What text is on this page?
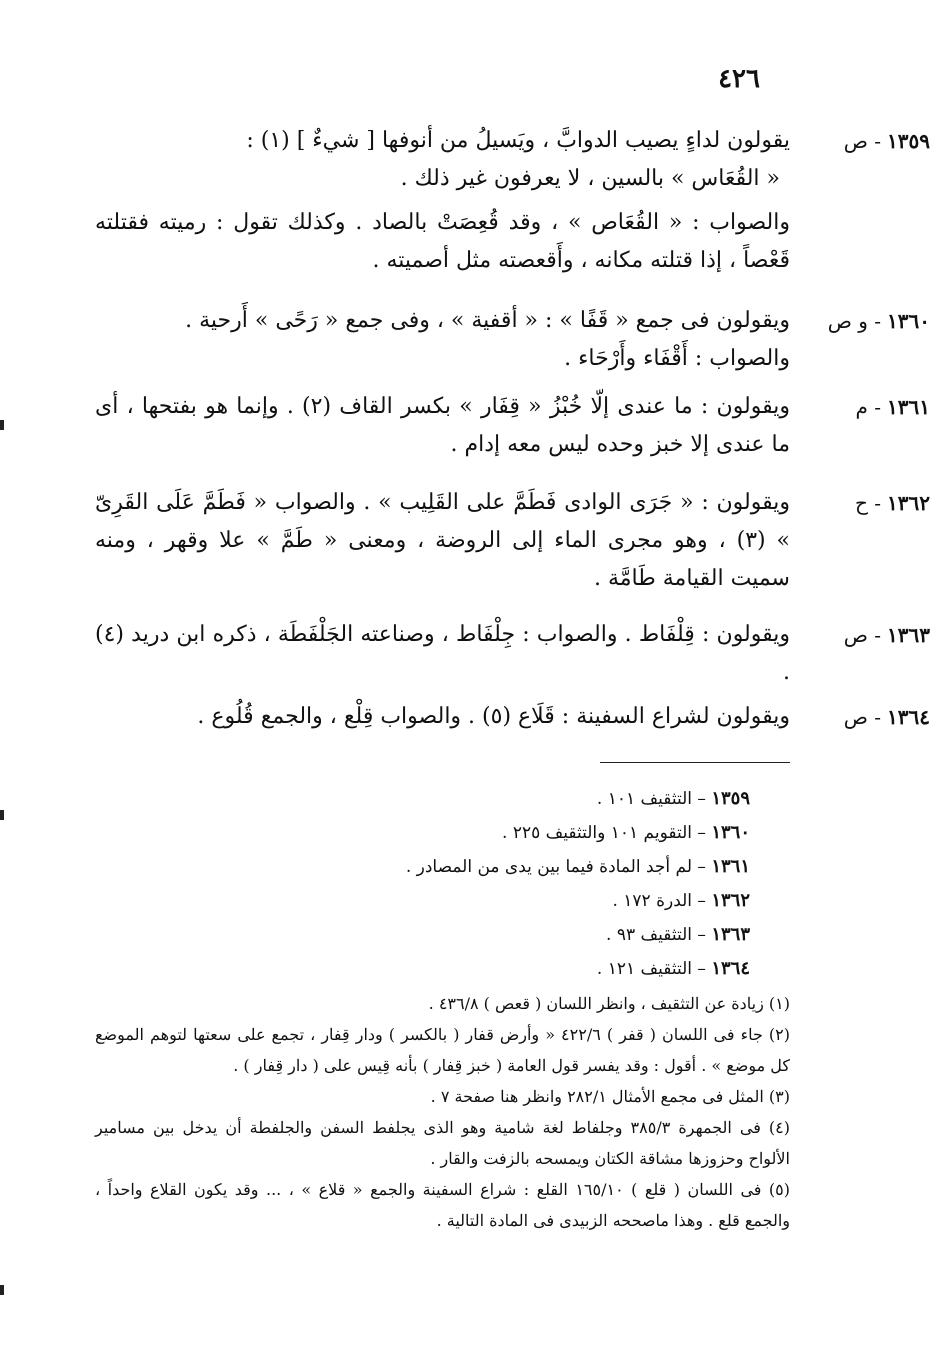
٤٢٦
١٣٥٩- ص

يقولون لداءٍ يصيب الدوابَّ ، ويَسيلُ من أنوفها [ شيءٌ ] (١) :

« القُعَاس » بالسين ، لا يعرفون غير ذلك .

والصواب : « القُعَاص » ، وقد قُعِصَتْ بالصاد . وكذلك تقول : رميته فقتلته قَعْصاً ، إذا قتلته مكانه ، وأَقعصته مثل أصميته .

١٣٦٠- و ص

ويقولون فى جمع « قَفًا » : « أقفية » ، وفى جمع « رَحًى » أَرحية .

والصواب : أَقْفَاء وأَرْحَاء .

١٣٦١- م

ويقولون : ما عندى إلّا خُبْزُ « قِفَار » بكسر القاف (٢) . وإنما هو بفتحها ، أى ما عندى إلا خبز وحده ليس معه إدام .

١٣٦٢- ح

ويقولون : « جَرَى الوادى فَطَمَّ على القَلِيب » . والصواب « فَطَمَّ عَلَى القَرِىّ » (٣) ، وهو مجرى الماء إلى الروضة ، ومعنى « طَمَّ » علا وقهر ، ومنه سميت القيامة طَامَّة .

١٣٦٣- ص

ويقولون : قِلْفَاط . والصواب : جِلْفَاط ، وصناعته الجَلْفَطَة ، ذكره ابن دريد (٤) .

١٣٦٤- ص

ويقولون لشراع السفينة : قَلَاع (٥) . والصواب قِلْع ، والجمع قُلُوع .

١٣٥٩ – التثقيف ١٠١ .
١٣٦٠ – التقويم ١٠١ والتثقيف ٢٢٥ .
١٣٦١ – لم أجد المادة فيما بين يدى من المصادر .
١٣٦٢ – الدرة ١٧٢ .
١٣٦٣ – التثقيف ٩٣ .
١٣٦٤ – التثقيف ١٢١ .

(١) زيادة عن التثقيف ، وانظر اللسان ( قعص ) ٤٣٦/٨ .

(٢) جاء فى اللسان ( قفر ) ٤٢٢/٦ « وأرض قفار ( بالكسر ) ودار قِفار ، تجمع على سعتها لتوهم الموضع كل موضع » . أقول : وقد يفسر قول العامة ( خبز قِفار ) بأنه قِيس على ( دار قِفار ) .

(٣) المثل فى مجمع الأمثال ٢٨٢/١ وانظر هنا صفحة ٧ .

(٤) فى الجمهرة ٣٨٥/٣ وجلفاط لغة شامية وهو الذى يجلفط السفن والجلفطة أن يدخل بين مسامير الألواح وحزوزها مشاقة الكتان ويمسحه بالزفت والقار .

(٥) فى اللسان ( قلع ) ١٦٥/١٠ القلع : شراع السفينة والجمع « قلاع » ، ... وقد يكون القلاع واحداً ، والجمع قلع . وهذا ماصححه الزبيدى فى المادة التالية .
